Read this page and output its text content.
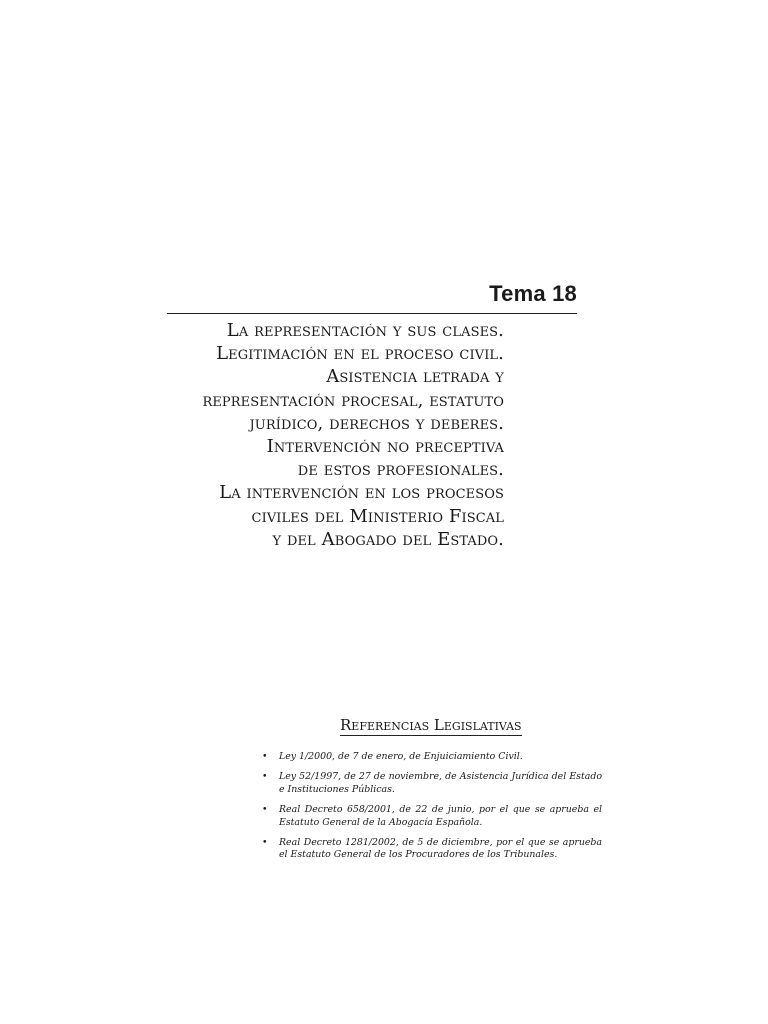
Tema 18
La representación y sus clases.
Legitimación en el proceso civil.
Asistencia letrada y
representación procesal, estatuto
jurídico, derechos y deberes.
Intervención no preceptiva
de estos profesionales.
La intervención en los procesos
civiles del Ministerio Fiscal
y del Abogado del Estado.
Referencias Legislativas
• Ley 1/2000, de 7 de enero, de Enjuiciamiento Civil.
• Ley 52/1997, de 27 de noviembre, de Asistencia Jurídica del Estado
e Instituciones Públicas.
• Real Decreto 658/2001, de 22 de junio, por el que se aprueba el
Estatuto General de la Abogacía Española.
• Real Decreto 1281/2002, de 5 de diciembre, por el que se aprueba
el Estatuto General de los Procuradores de los Tribunales.
